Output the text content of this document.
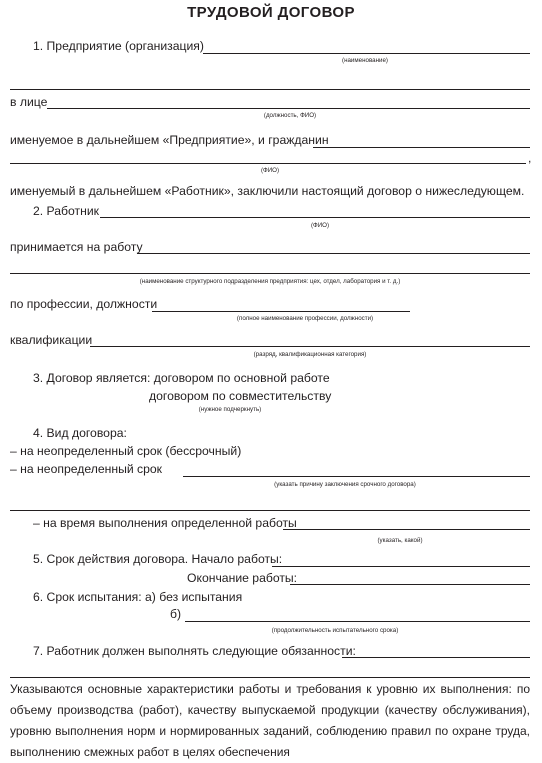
ТРУДОВОЙ ДОГОВОР
1. Предприятие (организация)
(наименование)
в лице
(должность, ФИО)
именуемое в дальнейшем «Предприятие», и гражданин
,
(ФИО)
именуемый в дальнейшем «Работник», заключили настоящий договор о нижеследующем.
2. Работник
(ФИО)
принимается на работу
(наименование структурного подразделения предприятия: цех, отдел, лаборатория и т. д.)
по профессии, должности
(полное наименование профессии, должности)
квалификации
(разряд, квалификационная категория)
3. Договор является: договором по основной работе
договором по совместительству
(нужное подчеркнуть)
4. Вид договора:
– на неопределенный срок (бессрочный)
– на неопределенный срок
(указать причину заключения срочного договора)
– на время выполнения определенной работы
(указать, какой)
5. Срок действия договора. Начало работы:
Окончание работы:
6. Срок испытания: а) без испытания
б)
(продолжительность испытательного срока)
7. Работник должен выполнять следующие обязанности:
Указываются основные характеристики работы и требования к уровню их выполнения: по объему производства (работ), качеству выпускаемой продукции (качеству обслуживания), уровню выполнения норм и нормированных заданий, соблюдению правил по охране труда, выполнению смежных работ в целях обеспечения
